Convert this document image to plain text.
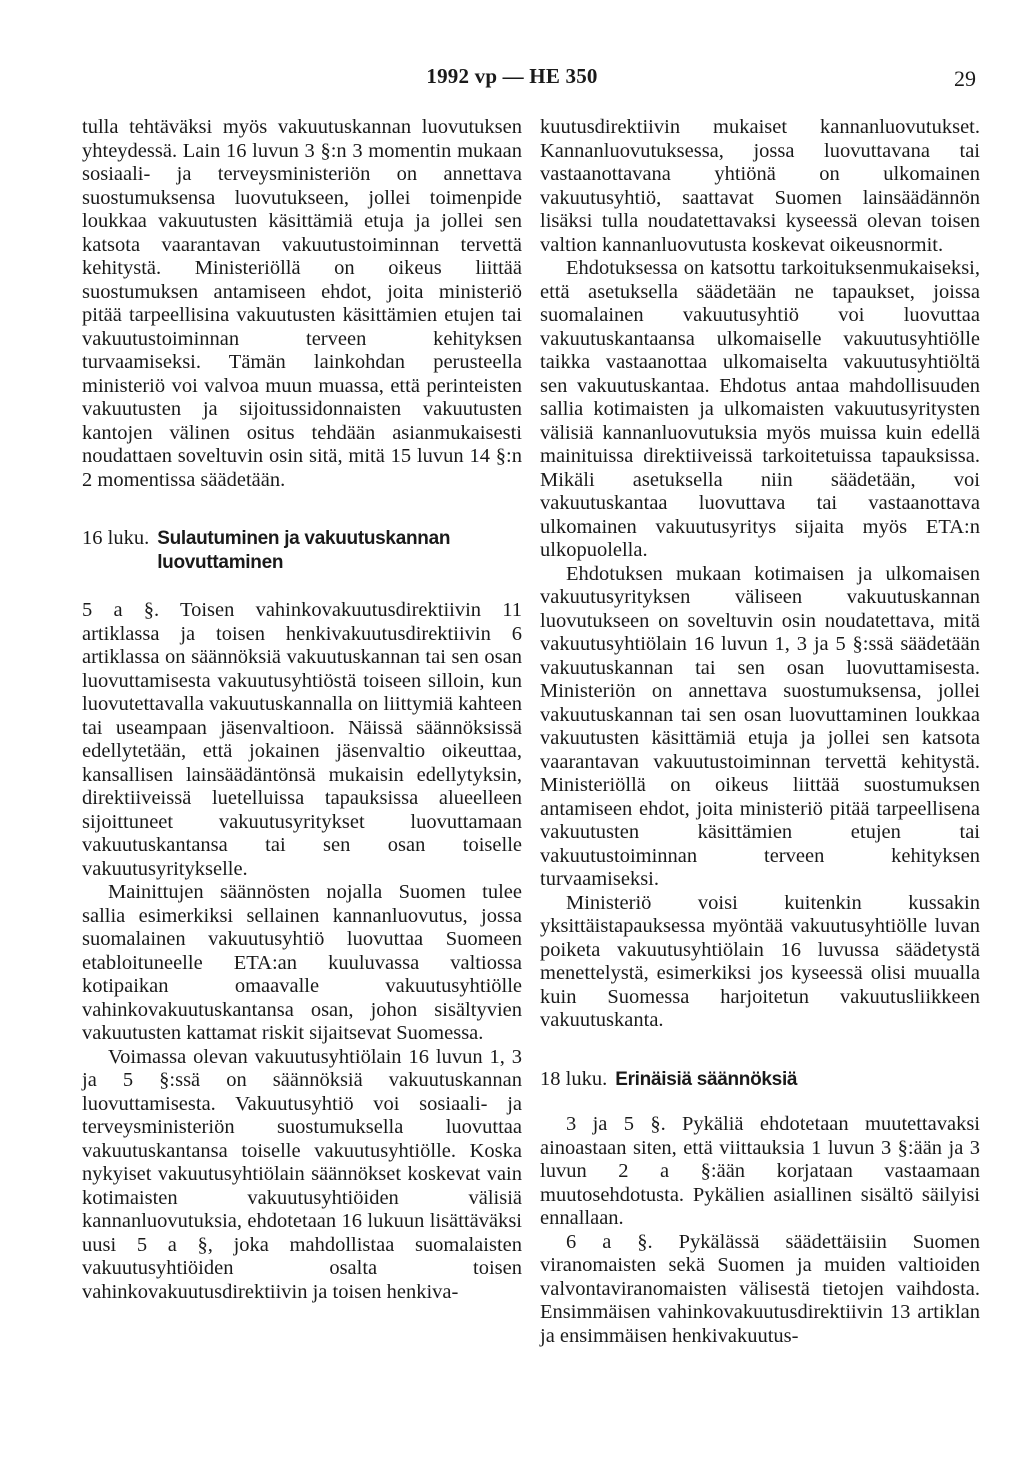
1992 vp — HE 350	29

tulla tehtäväksi myös vakuutuskannan luovutuksen yhteydessä. Lain 16 luvun 3 §:n 3 momentin mukaan sosiaali- ja terveysministeriön on annettava suostumuksensa luovutukseen, jollei toimenpide loukkaa vakuutusten käsittämiä etuja ja jollei sen katsota vaarantavan vakuutustoiminnan tervettä kehitystä. Ministeriöllä on oikeus liittää suostumuksen antamiseen ehdot, joita ministeriö pitää tarpeellisina vakuutusten käsittämien etujen tai vakuutustoiminnan terveen kehityksen turvaamiseksi. Tämän lainkohdan perusteella ministeriö voi valvoa muun muassa, että perinteisten vakuutusten ja sijoitussidonnaisten vakuutusten kantojen välinen ositus tehdään asianmukaisesti noudattaen soveltuvin osin sitä, mitä 15 luvun 14 §:n 2 momentissa säädetään.

16 luku. Sulautuminen ja vakuutuskannan luovuttaminen

5 a §. Toisen vahinkovakuutusdirektiivin 11 artiklassa ja toisen henkivakuutusdirektiivin 6 artiklassa on säännöksiä vakuutuskannan tai sen osan luovuttamisesta vakuutusyhtiöstä toiseen silloin, kun luovutettavalla vakuutuskannalla on liittymiä kahteen tai useampaan jäsenvaltioon. Näissä säännöksissä edellytetään, että jokainen jäsenvaltio oikeuttaa, kansallisen lainsäädäntönsä mukaisin edellytyksin, direktiiveissä luetelluissa tapauksissa alueelleen sijoittuneet vakuutusyritykset luovuttamaan vakuutuskantansa tai sen osan toiselle vakuutusyritykselle.

Mainittujen säännösten nojalla Suomen tulee sallia esimerkiksi sellainen kannanluovutus, jossa suomalainen vakuutusyhtiö luovuttaa Suomeen etabloituneelle ETA:an kuuluvassa valtiossa kotipaikan omaavalle vakuutusyhtiölle vahinkovakuutuskantansa osan, johon sisältyvien vakuutusten kattamat riskit sijaitsevat Suomessa.

Voimassa olevan vakuutusyhtiölain 16 luvun 1, 3 ja 5 §:ssä on säännöksiä vakuutuskannan luovuttamisesta. Vakuutusyhtiö voi sosiaali- ja terveysministeriön suostumuksella luovuttaa vakuutuskantansa toiselle vakuutusyhtiölle. Koska nykyiset vakuutusyhtiölain säännökset koskevat vain kotimaisten vakuutusyhtiöiden välisiä kannanluovutuksia, ehdotetaan 16 lukuun lisättäväksi uusi 5 a §, joka mahdollistaa suomalaisten vakuutusyhtiöiden osalta toisen vahinkovakuutusdirektiivin ja toisen henkiva-

kuutusdirektiivin mukaiset kannanluovutukset. Kannanluovutuksessa, jossa luovuttavana tai vastaanottavana yhtiönä on ulkomainen vakuutusyhtiö, saattavat Suomen lainsäädännön lisäksi tulla noudatettavaksi kyseessä olevan toisen valtion kannanluovutusta koskevat oikeusnormit.

Ehdotuksessa on katsottu tarkoituksenmukaiseksi, että asetuksella säädetään ne tapaukset, joissa suomalainen vakuutusyhtiö voi luovuttaa vakuutuskantaansa ulkomaiselle vakuutusyhtiölle taikka vastaanottaa ulkomaiselta vakuutusyhtiöltä sen vakuutuskantaa. Ehdotus antaa mahdollisuuden sallia kotimaisten ja ulkomaisten vakuutusyritysten välisiä kannanluovutuksia myös muissa kuin edellä mainituissa direktiiveissä tarkoitetuissa tapauksissa. Mikäli asetuksella niin säädetään, voi vakuutuskantaa luovuttava tai vastaanottava ulkomainen vakuutusyritys sijaita myös ETA:n ulkopuolella.

Ehdotuksen mukaan kotimaisen ja ulkomaisen vakuutusyrityksen väliseen vakuutuskannan luovutukseen on soveltuvin osin noudatettava, mitä vakuutusyhtiölain 16 luvun 1, 3 ja 5 §:ssä säädetään vakuutuskannan tai sen osan luovuttamisesta. Ministeriön on annettava suostumuksensa, jollei vakuutuskannan tai sen osan luovuttaminen loukkaa vakuutusten käsittämiä etuja ja jollei sen katsota vaarantavan vakuutustoiminnan tervettä kehitystä. Ministeriöllä on oikeus liittää suostumuksen antamiseen ehdot, joita ministeriö pitää tarpeellisena vakuutusten käsittämien etujen tai vakuutustoiminnan terveen kehityksen turvaamiseksi.

Ministeriö voisi kuitenkin kussakin yksittäistapauksessa myöntää vakuutusyhtiölle luvan poiketa vakuutusyhtiölain 16 luvussa säädetystä menettelystä, esimerkiksi jos kyseessä olisi muualla kuin Suomessa harjoitetun vakuutusliikkeen vakuutuskanta.

18 luku. Erinäisiä säännöksiä

3 ja 5 §. Pykäliä ehdotetaan muutettavaksi ainoastaan siten, että viittauksia 1 luvun 3 §:ään ja 3 luvun 2 a §:ään korjataan vastaamaan muutosehdotusta. Pykälien asiallinen sisältö säilyisi ennallaan.

6 a §. Pykälässä säädettäisiin Suomen viranomaisten sekä Suomen ja muiden valtioiden valvontaviranomaisten välisestä tietojen vaihdosta. Ensimmäisen vahinkovakuutusdirektiivin 13 artiklan ja ensimmäisen henkivakuutus-
